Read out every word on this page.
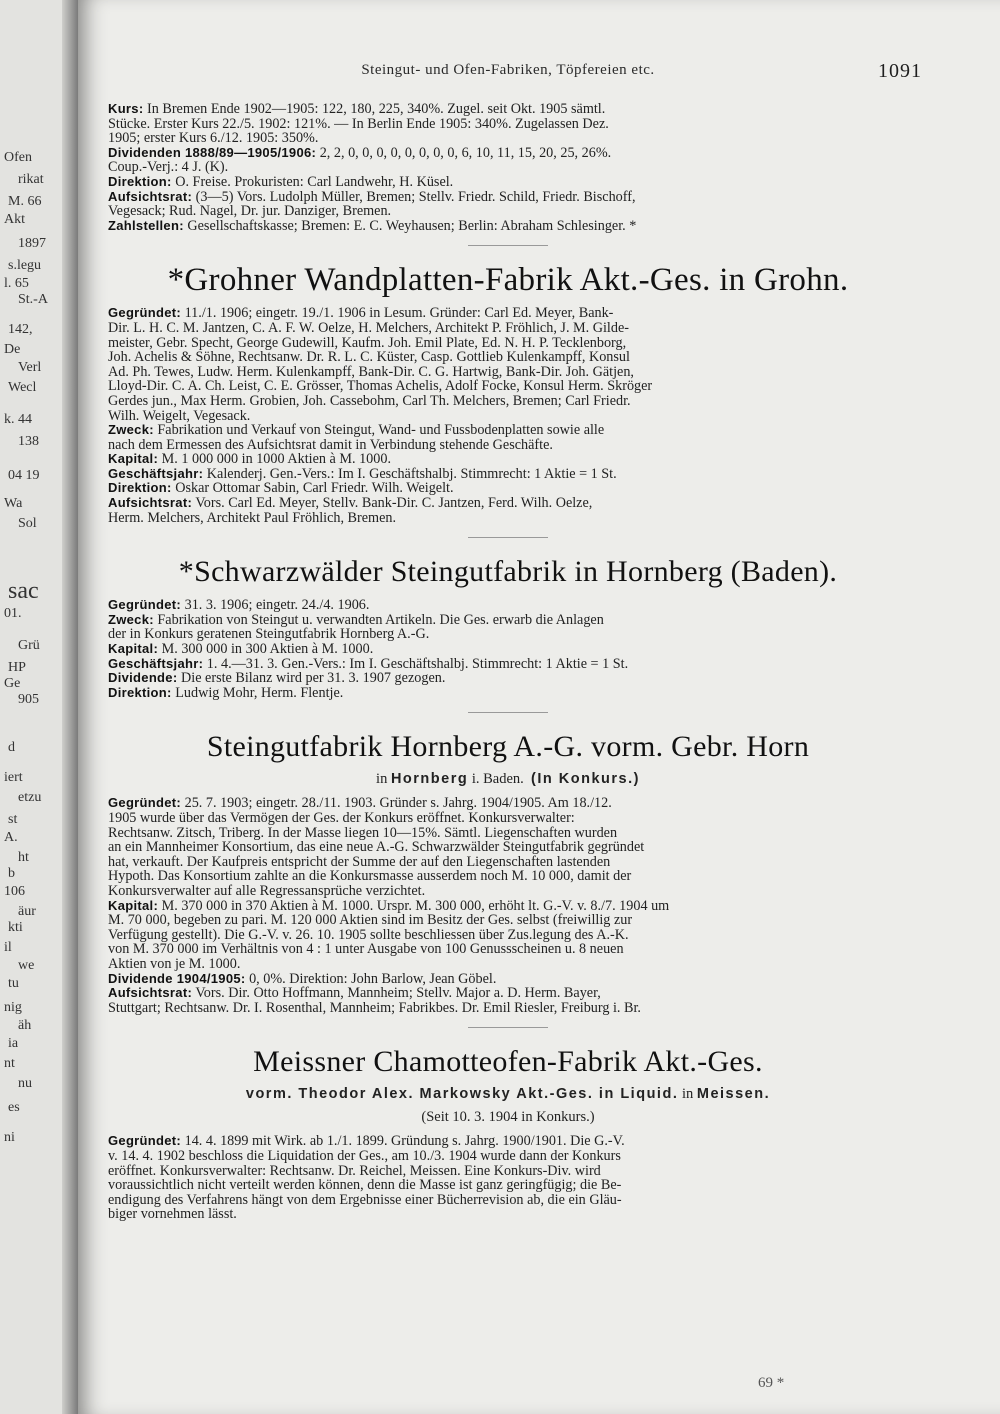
Ofen
rikat
M. 66
Akt
1897
s.legu
l. 65
St.-A
142,
De
Verl
Wecl
k. 44
138
04 19
Wa
Sol
sac
01.
Grü
HP
Ge
905
d
iert
etzu
st
A.
ht
b
106
äur
kti
il
we
tu
nig
äh
ia
nt
nu
es
ni
Steingut- und Ofen-Fabriken, Töpfereien etc.	1091

Kurs: In Bremen Ende 1902—1905: 122, 180, 225, 340%. Zugel. seit Okt. 1905 sämtl.

Stücke. Erster Kurs 22./5. 1902: 121%. — In Berlin Ende 1905: 340%. Zugelassen Dez.

1905; erster Kurs 6./12. 1905: 350%.

Dividenden 1888/89—1905/1906: 2, 2, 0, 0, 0, 0, 0, 0, 0, 0, 6, 10, 11, 15, 20, 25, 26%.

Coup.-Verj.: 4 J. (K).

Direktion: O. Freise. Prokuristen: Carl Landwehr, H. Küsel.

Aufsichtsrat: (3—5) Vors. Ludolph Müller, Bremen; Stellv. Friedr. Schild, Friedr. Bischoff,

Vegesack; Rud. Nagel, Dr. jur. Danziger, Bremen.

Zahlstellen: Gesellschaftskasse; Bremen: E. C. Weyhausen; Berlin: Abraham Schlesinger. *

*Grohner Wandplatten-Fabrik Akt.-Ges. in Grohn.

Gegründet: 11./1. 1906; eingetr. 19./1. 1906 in Lesum. Gründer: Carl Ed. Meyer, Bank-

Dir. L. H. C. M. Jantzen, C. A. F. W. Oelze, H. Melchers, Architekt P. Fröhlich, J. M. Gilde-

meister, Gebr. Specht, George Gudewill, Kaufm. Joh. Emil Plate, Ed. N. H. P. Tecklenborg,

Joh. Achelis & Söhne, Rechtsanw. Dr. R. L. C. Küster, Casp. Gottlieb Kulenkampff, Konsul

Ad. Ph. Tewes, Ludw. Herm. Kulenkampff, Bank-Dir. C. G. Hartwig, Bank-Dir. Joh. Gätjen,

Lloyd-Dir. C. A. Ch. Leist, C. E. Grösser, Thomas Achelis, Adolf Focke, Konsul Herm. Skröger

Gerdes jun., Max Herm. Grobien, Joh. Cassebohm, Carl Th. Melchers, Bremen; Carl Friedr.

Wilh. Weigelt, Vegesack.

Zweck: Fabrikation und Verkauf von Steingut, Wand- und Fussbodenplatten sowie alle

nach dem Ermessen des Aufsichtsrat damit in Verbindung stehende Geschäfte.

Kapital: M. 1 000 000 in 1000 Aktien à M. 1000.

Geschäftsjahr: Kalenderj. Gen.-Vers.: Im I. Geschäftshalbj. Stimmrecht: 1 Aktie = 1 St.

Direktion: Oskar Ottomar Sabin, Carl Friedr. Wilh. Weigelt.

Aufsichtsrat: Vors. Carl Ed. Meyer, Stellv. Bank-Dir. C. Jantzen, Ferd. Wilh. Oelze,

Herm. Melchers, Architekt Paul Fröhlich, Bremen.

*Schwarzwälder Steingutfabrik in Hornberg (Baden).

Gegründet: 31. 3. 1906; eingetr. 24./4. 1906.

Zweck: Fabrikation von Steingut u. verwandten Artikeln. Die Ges. erwarb die Anlagen

der in Konkurs geratenen Steingutfabrik Hornberg A.-G.

Kapital: M. 300 000 in 300 Aktien à M. 1000.

Geschäftsjahr: 1. 4.—31. 3. Gen.-Vers.: Im I. Geschäftshalbj. Stimmrecht: 1 Aktie = 1 St.

Dividende: Die erste Bilanz wird per 31. 3. 1907 gezogen.

Direktion: Ludwig Mohr, Herm. Flentje.

Steingutfabrik Hornberg A.-G. vorm. Gebr. Horn
in Hornberg i. Baden. (In Konkurs.)

Gegründet: 25. 7. 1903; eingetr. 28./11. 1903. Gründer s. Jahrg. 1904/1905. Am 18./12.

1905 wurde über das Vermögen der Ges. der Konkurs eröffnet. Konkursverwalter:

Rechtsanw. Zitsch, Triberg. In der Masse liegen 10—15%. Sämtl. Liegenschaften wurden

an ein Mannheimer Konsortium, das eine neue A.-G. Schwarzwälder Steingutfabrik gegründet

hat, verkauft. Der Kaufpreis entspricht der Summe der auf den Liegenschaften lastenden

Hypoth. Das Konsortium zahlte an die Konkursmasse ausserdem noch M. 10 000, damit der

Konkursverwalter auf alle Regressansprüche verzichtet.

Kapital: M. 370 000 in 370 Aktien à M. 1000. Urspr. M. 300 000, erhöht lt. G.-V. v. 8./7. 1904 um

M. 70 000, begeben zu pari. M. 120 000 Aktien sind im Besitz der Ges. selbst (freiwillig zur

Verfügung gestellt). Die G.-V. v. 26. 10. 1905 sollte beschliessen über Zus.legung des A.-K.

von M. 370 000 im Verhältnis von 4 : 1 unter Ausgabe von 100 Genussscheinen u. 8 neuen

Aktien von je M. 1000.

Dividende 1904/1905: 0, 0%. Direktion: John Barlow, Jean Göbel.

Aufsichtsrat: Vors. Dir. Otto Hoffmann, Mannheim; Stellv. Major a. D. Herm. Bayer,

Stuttgart; Rechtsanw. Dr. I. Rosenthal, Mannheim; Fabrikbes. Dr. Emil Riesler, Freiburg i. Br.

Meissner Chamotteofen-Fabrik Akt.-Ges.
vorm. Theodor Alex. Markowsky Akt.-Ges. in Liquid. in Meissen.
(Seit 10. 3. 1904 in Konkurs.)

Gegründet: 14. 4. 1899 mit Wirk. ab 1./1. 1899. Gründung s. Jahrg. 1900/1901. Die G.-V.

v. 14. 4. 1902 beschloss die Liquidation der Ges., am 10./3. 1904 wurde dann der Konkurs

eröffnet. Konkursverwalter: Rechtsanw. Dr. Reichel, Meissen. Eine Konkurs-Div. wird

voraussichtlich nicht verteilt werden können, denn die Masse ist ganz geringfügig; die Be-

endigung des Verfahrens hängt von dem Ergebnisse einer Bücherrevision ab, die ein Gläu-

biger vornehmen lässt.

69 *
